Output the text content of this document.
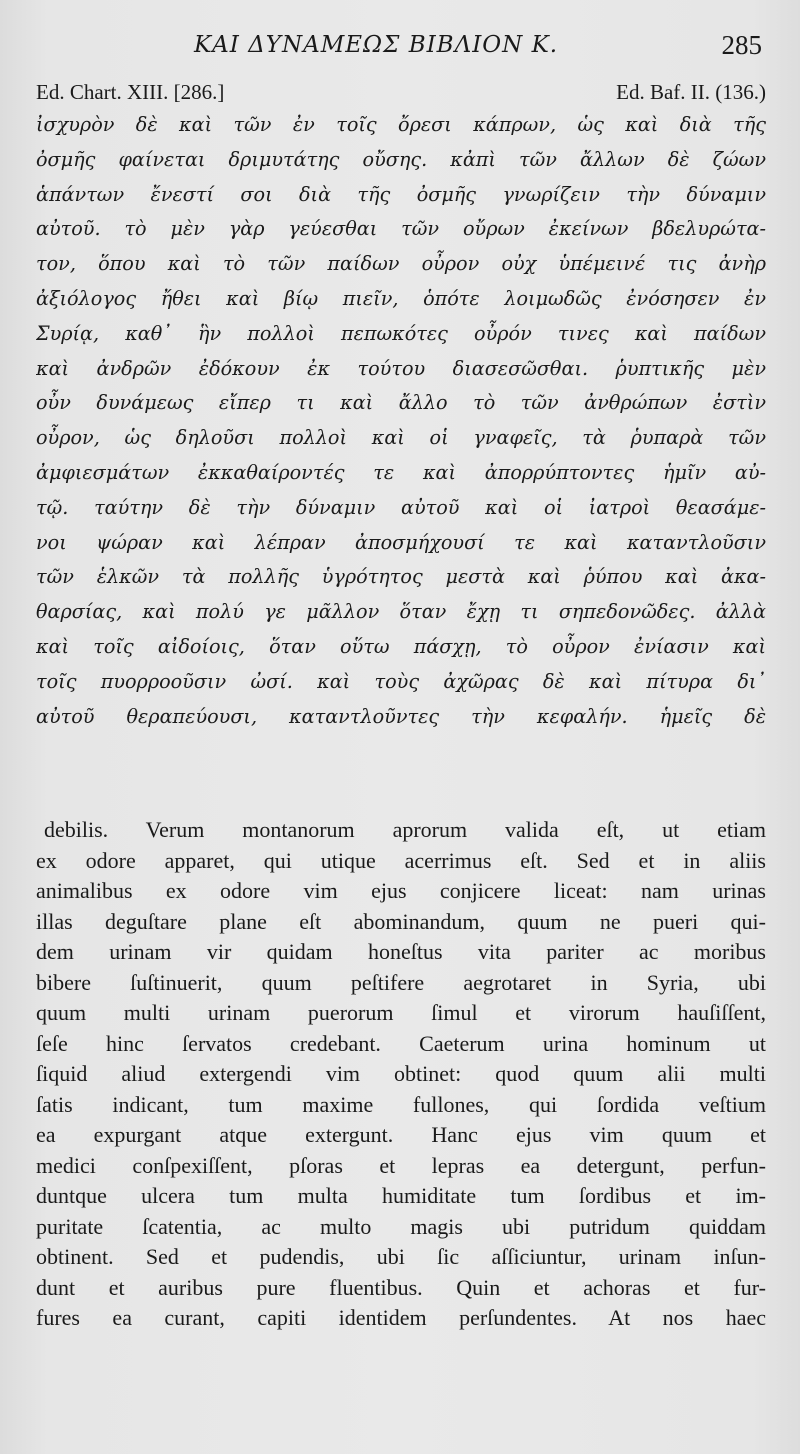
ΚΑΙ ΔΥΝΑΜΕΩΣ ΒΙΒΛΙΟΝ Κ.	285
Ed. Chart. XIII. [286.]	Ed. Baf. II. (136.)
ἰσχυρὸν δὲ καὶ τῶν ἐν τοῖς ὄρεσι κάπρων, ὡς καὶ διὰ τῆς
ὀσμῆς φαίνεται δριμυτάτης οὔσης. κἀπὶ τῶν ἄλλων δὲ ζώων
ἁπάντων ἔνεστί σοι διὰ τῆς ὀσμῆς γνωρίζειν τὴν δύναμιν
αὐτοῦ. τὸ μὲν γὰρ γεύεσθαι τῶν οὔρων ἐκείνων βδελυρώτα-
τον, ὅπου καὶ τὸ τῶν παίδων οὖρον οὐχ ὑπέμεινέ τις ἀνὴρ
ἀξιόλογος ἤθει καὶ βίῳ πιεῖν, ὁπότε λοιμωδῶς ἐνόσησεν ἐν
Συρίᾳ, καθ᾽ ἣν πολλοὶ πεπωκότες οὖρόν τινες καὶ παίδων
καὶ ἀνδρῶν ἐδόκουν ἐκ τούτου διασεσῶσθαι. ῥυπτικῆς μὲν
οὖν δυνάμεως εἴπερ τι καὶ ἄλλο τὸ τῶν ἀνθρώπων ἐστὶν
οὖρον, ὡς δηλοῦσι πολλοὶ καὶ οἱ γναφεῖς, τὰ ῥυπαρὰ τῶν
ἀμφιεσμάτων ἐκκαθαίροντές τε καὶ ἀπορρύπτοντες ἡμῖν αὐ-
τῷ. ταύτην δὲ τὴν δύναμιν αὐτοῦ καὶ οἱ ἰατροὶ θεασάμε-
νοι ψώραν καὶ λέπραν ἀποσμήχουσί τε καὶ καταντλοῦσιν
τῶν ἑλκῶν τὰ πολλῆς ὑγρότητος μεστὰ καὶ ῥύπου καὶ ἀκα-
θαρσίας, καὶ πολύ γε μᾶλλον ὅταν ἔχῃ τι σηπεδονῶδες. ἀλλὰ
καὶ τοῖς αἰδοίοις, ὅταν οὕτω πάσχῃ, τὸ οὖρον ἐνίασιν καὶ
τοῖς πυορροοῦσιν ὠσί. καὶ τοὺς ἀχῶρας δὲ καὶ πίτυρα δι᾽
αὐτοῦ θεραπεύουσι, καταντλοῦντες τὴν κεφαλήν. ἡμεῖς δὲ
debilis. Verum montanorum aprorum valida eſt, ut etiam
ex odore apparet, qui utique acerrimus eſt. Sed et in aliis
animalibus ex odore vim ejus conjicere liceat: nam urinas
illas deguſtare plane eſt abominandum, quum ne pueri qui-
dem urinam vir quidam honeſtus vita pariter ac moribus
bibere ſuſtinuerit, quum peſtifere aegrotaret in Syria, ubi
quum multi urinam puerorum ſimul et virorum hauſiſſent,
ſeſe hinc ſervatos credebant. Caeterum urina hominum ut
ſiquid aliud extergendi vim obtinet: quod quum alii multi
ſatis indicant, tum maxime fullones, qui ſordida veſtium
ea expurgant atque extergunt. Hanc ejus vim quum et
medici conſpexiſſent, pſoras et lepras ea detergunt, perfun-
duntque ulcera tum multa humiditate tum ſordibus et im-
puritate ſcatentia, ac multo magis ubi putridum quiddam
obtinent. Sed et pudendis, ubi ſic aſſiciuntur, urinam inſun-
dunt et auribus pure fluentibus. Quin et achoras et fur-
fures ea curant, capiti identidem perſundentes. At nos haec
